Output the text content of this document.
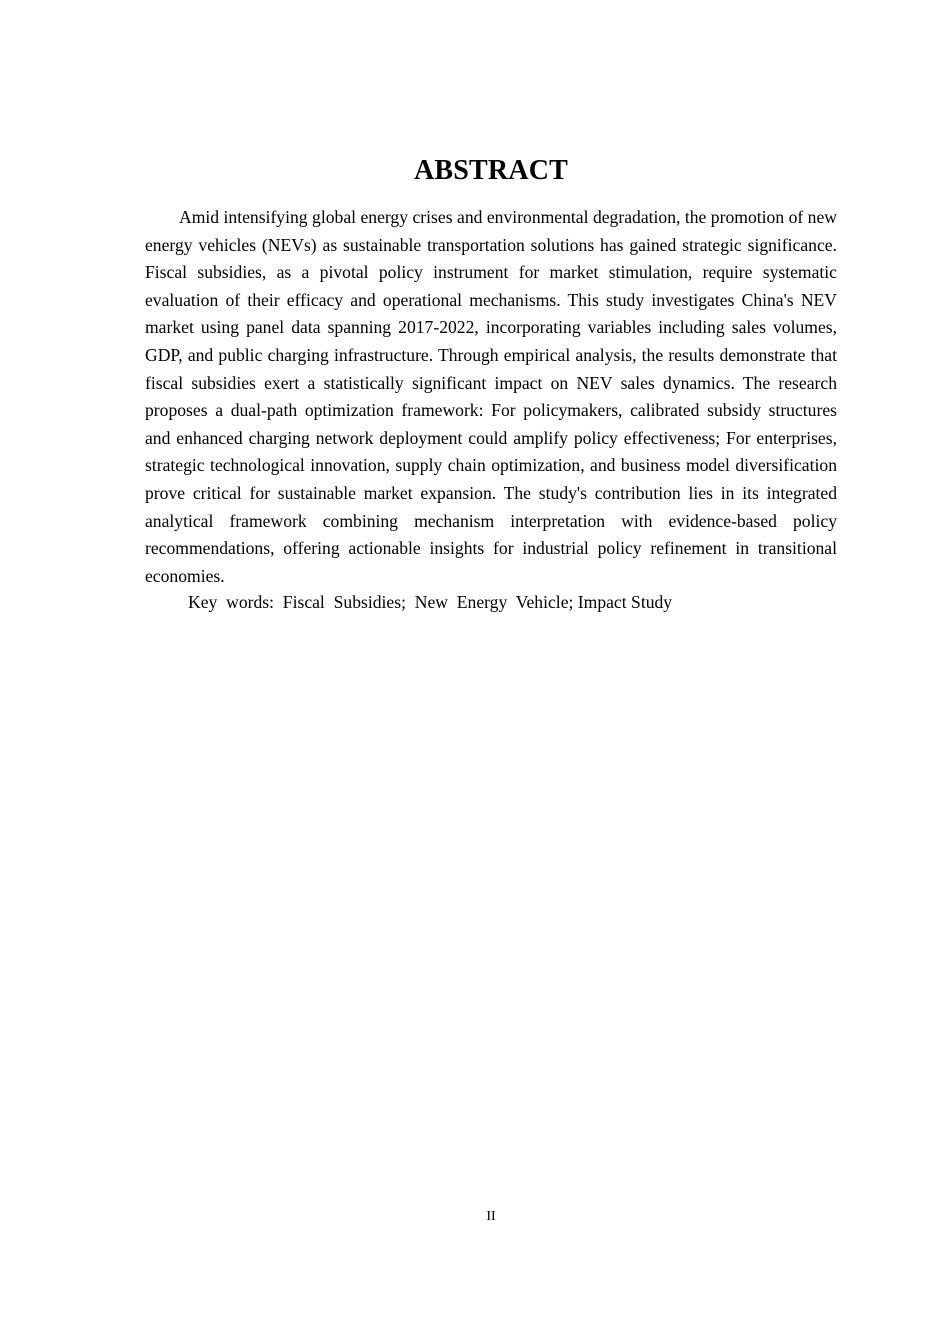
ABSTRACT

Amid intensifying global energy crises and environmental degradation, the promotion of new energy vehicles (NEVs) as sustainable transportation solutions has gained strategic significance. Fiscal subsidies, as a pivotal policy instrument for market stimulation, require systematic evaluation of their efficacy and operational mechanisms. This study investigates China's NEV market using panel data spanning 2017-2022, incorporating variables including sales volumes, GDP, and public charging infrastructure. Through empirical analysis, the results demonstrate that fiscal subsidies exert a statistically significant impact on NEV sales dynamics. The research proposes a dual-path optimization framework: For policymakers, calibrated subsidy structures and enhanced charging network deployment could amplify policy effectiveness; For enterprises, strategic technological innovation, supply chain optimization, and business model diversification prove critical for sustainable market expansion. The study's contribution lies in its integrated analytical framework combining mechanism interpretation with evidence-based policy recommendations, offering actionable insights for industrial policy refinement in transitional economies.

Key  words:  Fiscal  Subsidies;  New  Energy  Vehicle; Impact Study
II
